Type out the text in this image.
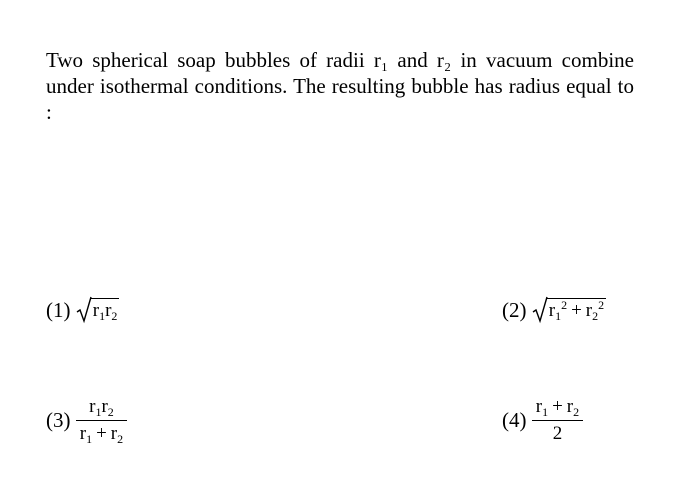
Two spherical soap bubbles of radii r₁ and r₂ in vacuum combine under isothermal conditions. The resulting bubble has radius equal to :
(1) $r_1r_2$	(2) $r_1^2 + r_2^2$
$(3) \frac{r_1r_2}{r_1 + r_2}$	$(4) \frac{r_1 + r_2}{2}$
